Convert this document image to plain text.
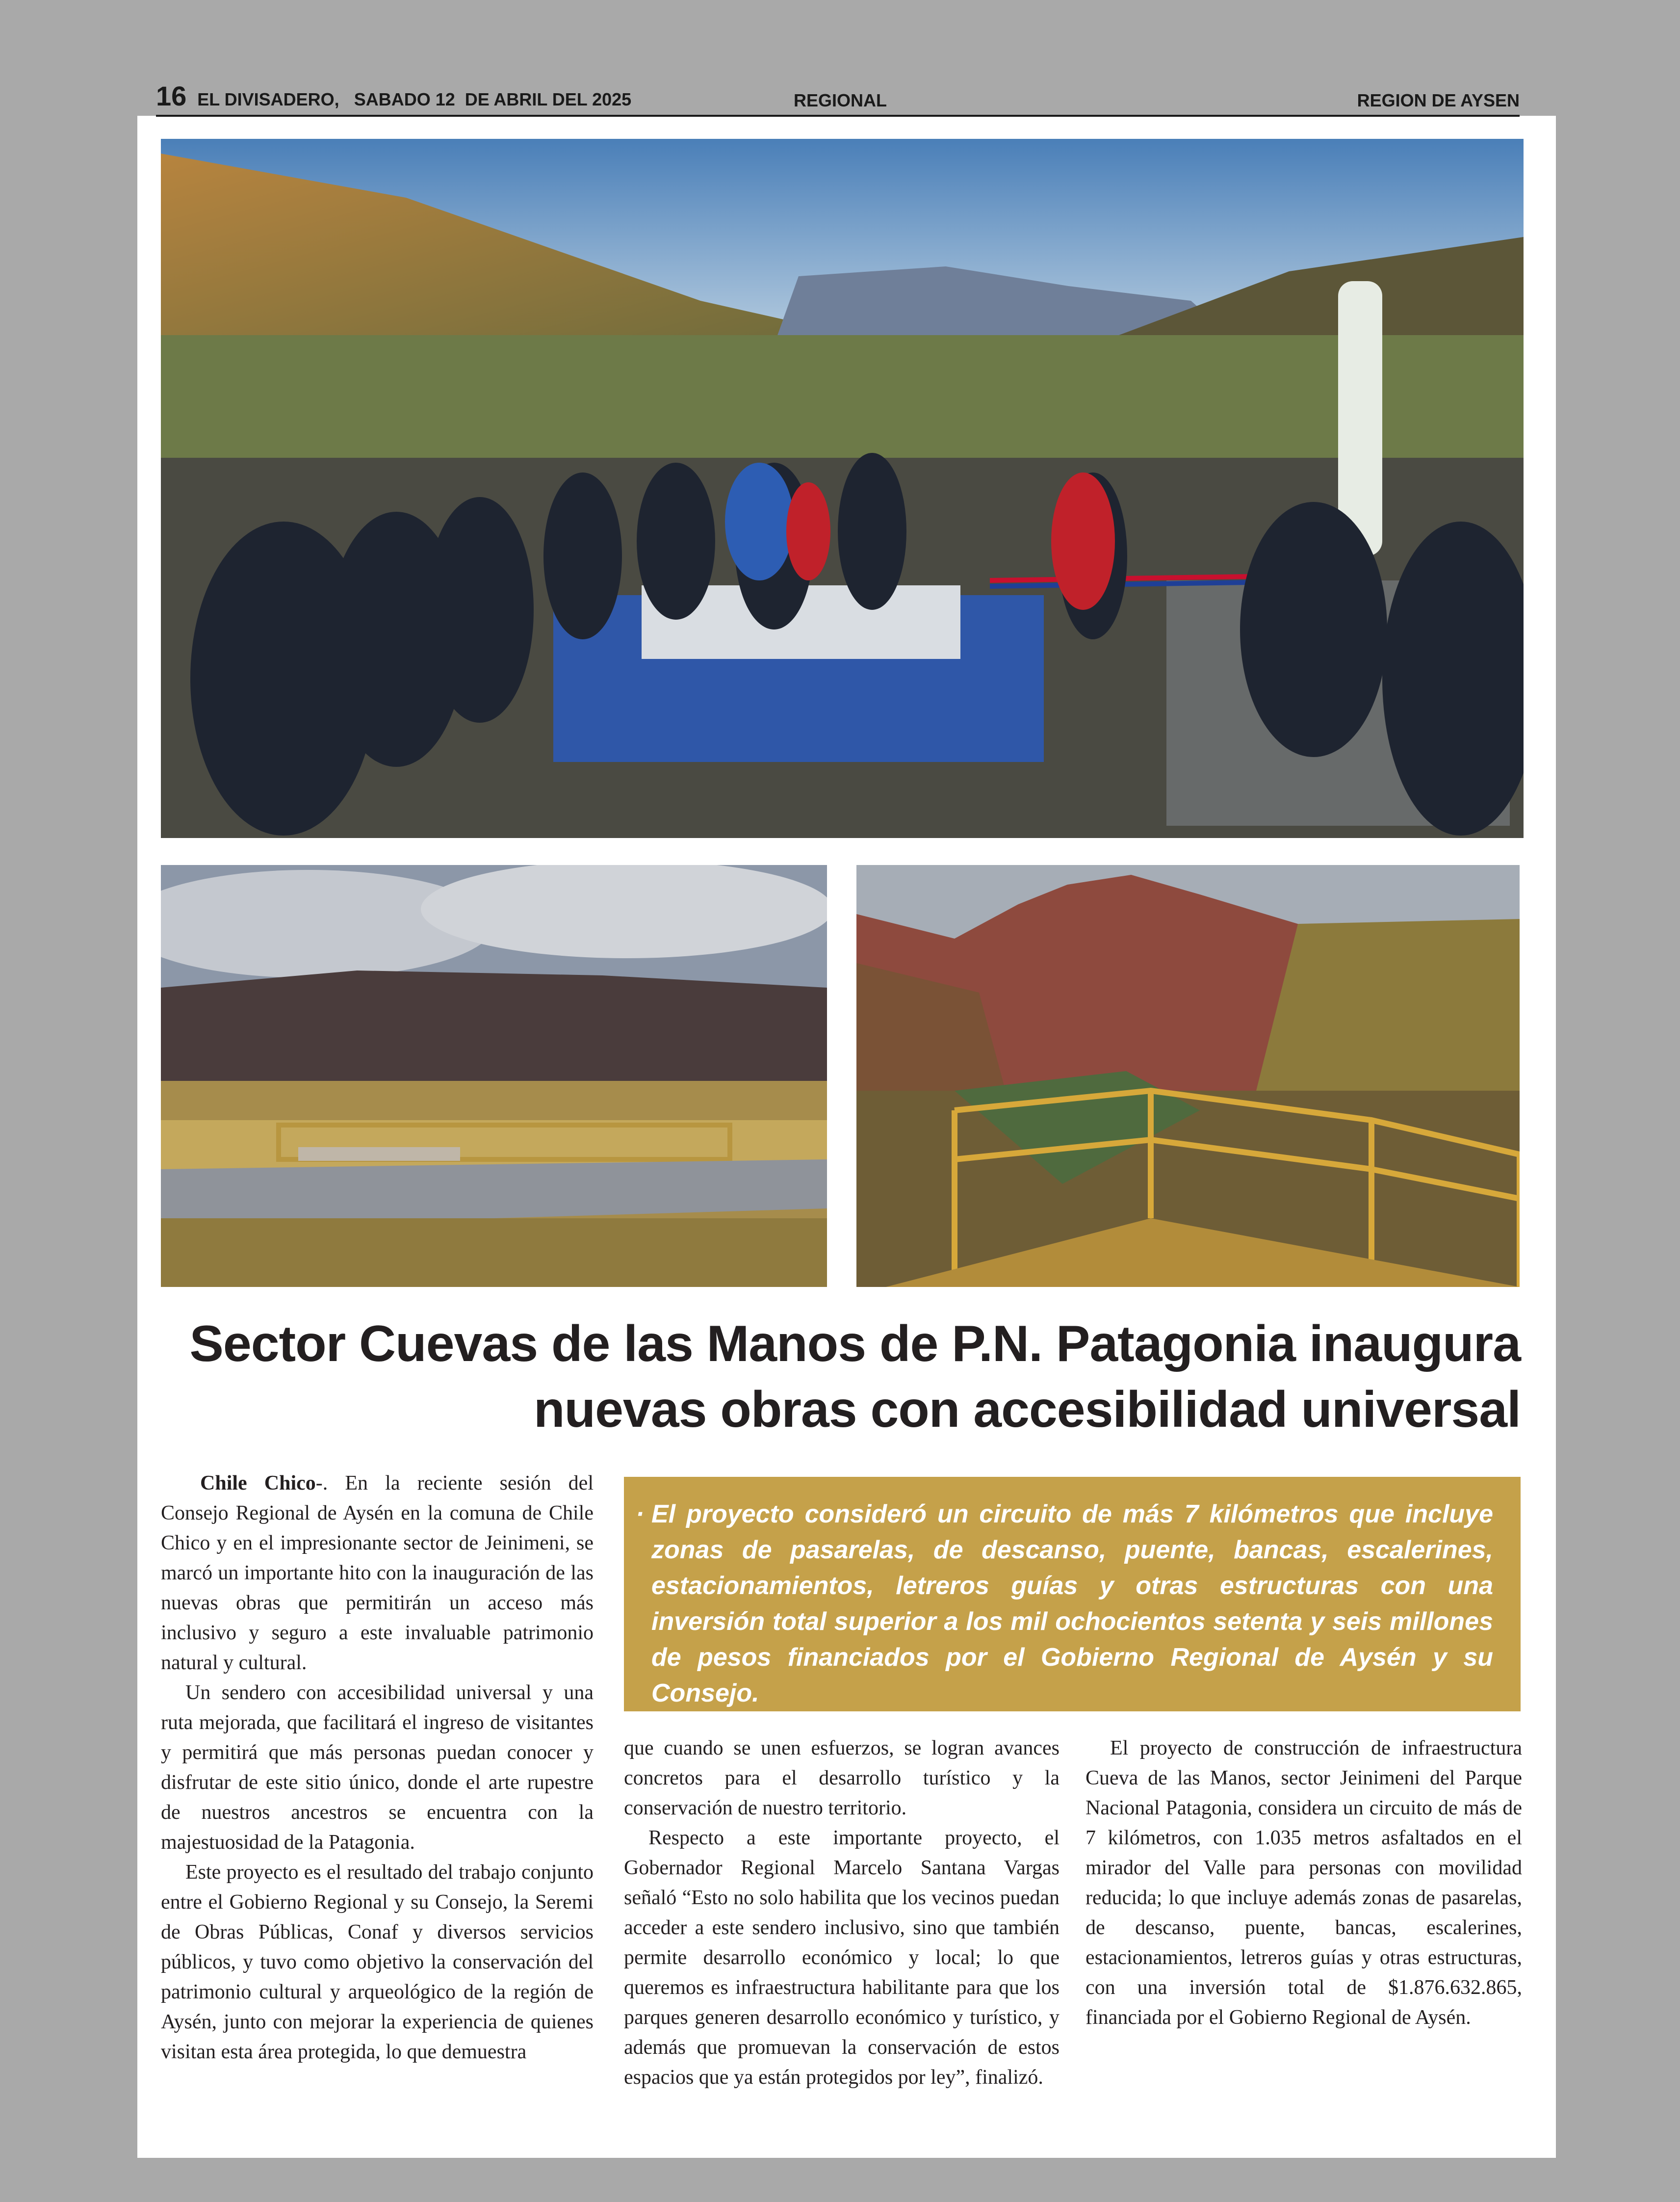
16 EL DIVISADERO,   SABADO 12  DE ABRIL DEL 2025	REGIONAL	REGION DE AYSEN
Sector Cuevas de las Manos de P.N. Patagonia inaugura
nuevas obras con accesibilidad universal
· El proyecto consideró un circuito de más 7 kilómetros que incluye zonas de pasarelas, de descanso, puente, bancas, escalerines, estacionamientos, letreros guías y otras estructuras con una inversión total superior a los mil ochocientos setenta y seis millones de pesos financiados por el Gobierno Regional de Aysén y su Consejo.

Chile Chico-. En la reciente sesión del Consejo Regional de Aysén en la comuna de Chile Chico y en el impresionante sector de Jeinimeni, se marcó un importante hito con la inauguración de las nuevas obras que permitirán un acceso más inclusivo y seguro a este invaluable patrimonio natural y cultural.

Un sendero con accesibilidad universal y una ruta mejorada, que facilitará el ingreso de visitantes y permitirá que más personas puedan conocer y disfrutar de este sitio único, donde el arte rupestre de nuestros ancestros se encuentra con la majestuosidad de la Patagonia.

Este proyecto es el resultado del trabajo conjunto entre el Gobierno Regional y su Consejo, la Seremi de Obras Públicas, Conaf y diversos servicios públicos, y tuvo como objetivo la conservación del patrimonio cultural y arqueológico de la región de Aysén, junto con mejorar la experiencia de quienes visitan esta área protegida, lo que demuestra

que cuando se unen esfuerzos, se logran avances concretos para el desarrollo turístico y la conservación de nuestro territorio.

Respecto a este importante proyecto, el Gobernador Regional Marcelo Santana Vargas señaló “Esto no solo habilita que los vecinos puedan acceder a este sendero inclusivo, sino que también permite desarrollo económico y local; lo que queremos es infraestructura habilitante para que los parques generen desarrollo económico y turístico, y además que promuevan la conservación de estos espacios que ya están protegidos por ley”, finalizó.

El proyecto de construcción de infraestructura Cueva de las Manos, sector Jeinimeni del Parque Nacional Patagonia, considera un circuito de más de 7 kilómetros, con 1.035 metros asfaltados en el mirador del Valle para personas con movilidad reducida; lo que incluye además zonas de pasarelas, de descanso, puente, bancas, escalerines, estacionamientos, letreros guías y otras estructuras, con una inversión total de $1.876.632.865, financiada por el Gobierno Regional de Aysén.
